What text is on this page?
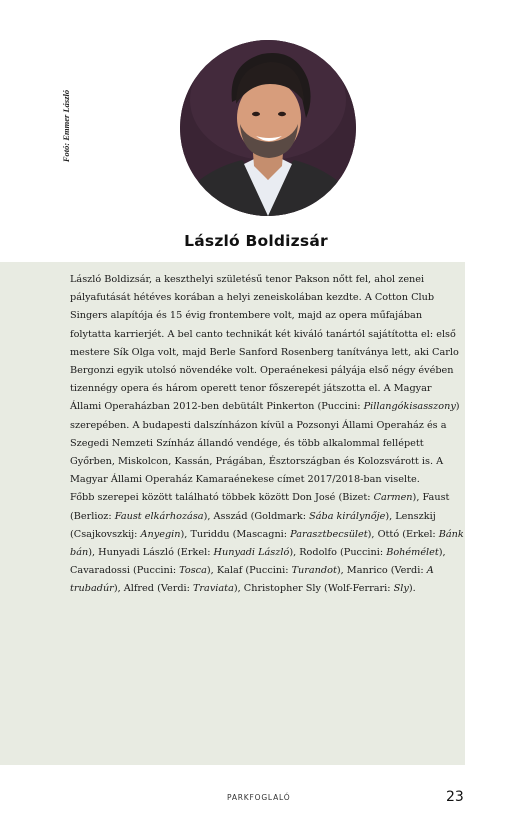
Fotó: Emmer László
László Boldizsár

László Boldizsár, a keszthelyi születésű tenor Pakson nőtt fel, ahol zenei pályafutását hétéves korában a helyi zeneiskolában kezdte. A Cotton Club Singers alapítója és 15 évig frontembere volt, majd az opera műfajában folytatta karrierjét. A bel canto technikát két kiváló tanártól sajátította el: első mestere Sík Olga volt, majd Berle Sanford Rosenberg tanítványa lett, aki Carlo Bergonzi egyik utolsó növendéke volt. Operaénekesi pályája első négy évében tizennégy opera és három operett tenor főszerepét játszotta el. A Magyar Állami Operaházban 2012-ben debütált Pinkerton (Puccini: Pillangókisasszony) szerepében. A budapesti dalszínházon kívül a Pozsonyi Állami Operaház és a Szegedi Nemzeti Színház állandó vendége, és több alkalommal fellépett Győrben, Miskolcon, Kassán, Prágában, Észtországban és Kolozsvárott is. A Magyar Állami Operaház Kamaraénekese címet 2017/2018-ban viselte.

Főbb szerepei között található többek között Don José (Bizet: Carmen), Faust (Berlioz: Faust elkárhozása), Asszád (Goldmark: Sába királynője), Lenszkij (Csajkovszkij: Anyegin), Turiddu (Mascagni: Parasztbecsület), Ottó (Erkel: Bánk bán), Hunyadi László (Erkel: Hunyadi László), Rodolfo (Puccini: Bohémélet), Cavaradossi (Puccini: Tosca), Kalaf (Puccini: Turandot), Manrico (Verdi: A trubadúr), Alfred (Verdi: Traviata), Christopher Sly (Wolf-Ferrari: Sly).

PARKFOGLALÓ	23
